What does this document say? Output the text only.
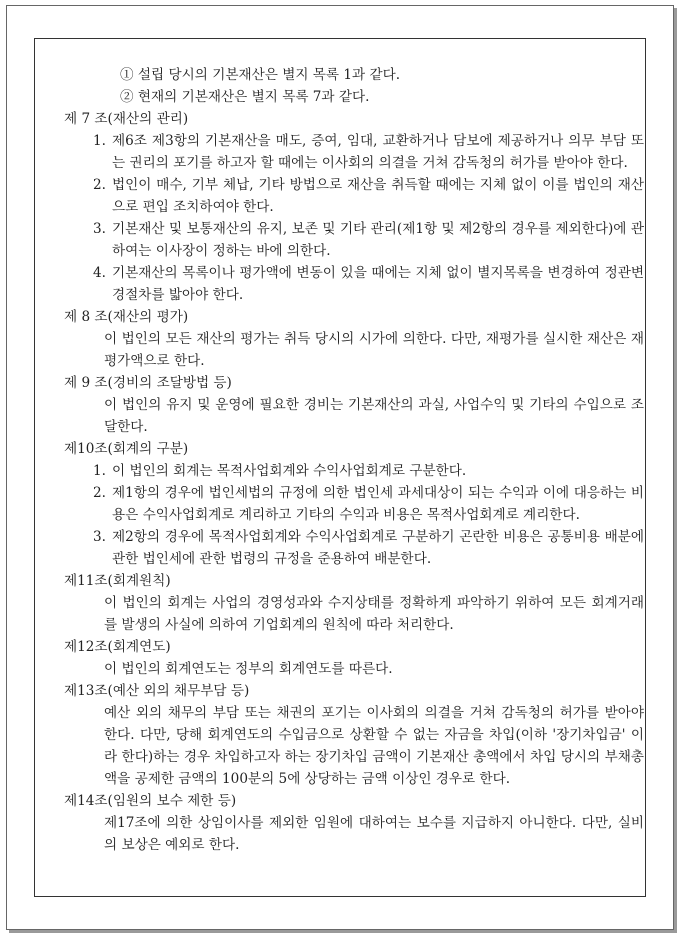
① 설립 당시의 기본재산은 별지 목록 1과 같다.
② 현재의 기본재산은 별지 목록 7과 같다.
제 7 조(재산의 관리)
1. 제6조 제3항의 기본재산을 매도, 증여, 임대, 교환하거나 담보에 제공하거나 의무 부담 또는 권리의 포기를 하고자 할 때에는 이사회의 의결을 거쳐 감독청의 허가를 받아야 한다.
2. 법인이 매수, 기부 체납, 기타 방법으로 재산을 취득할 때에는 지체 없이 이를 법인의 재산으로 편입 조치하여야 한다.
3. 기본재산 및 보통재산의 유지, 보존 및 기타 관리(제1항 및 제2항의 경우를 제외한다)에 관하여는 이사장이 정하는 바에 의한다.
4. 기본재산의 목록이나 평가액에 변동이 있을 때에는 지체 없이 별지목록을 변경하여 정관변경절차를 밟아야 한다.
제 8 조(재산의 평가)
이 법인의 모든 재산의 평가는 취득 당시의 시가에 의한다. 다만, 재평가를 실시한 재산은 재평가액으로 한다.
제 9 조(경비의 조달방법 등)
이 법인의 유지 및 운영에 필요한 경비는 기본재산의 과실, 사업수익 및 기타의 수입으로 조달한다.
제10조(회계의 구분)
1. 이 법인의 회계는 목적사업회계와 수익사업회계로 구분한다.
2. 제1항의 경우에 법인세법의 규정에 의한 법인세 과세대상이 되는 수익과 이에 대응하는 비용은 수익사업회계로 계리하고 기타의 수익과 비용은 목적사업회계로 계리한다.
3. 제2항의 경우에 목적사업회계와 수익사업회계로 구분하기 곤란한 비용은 공통비용 배분에 관한 법인세에 관한 법령의 규정을 준용하여 배분한다.
제11조(회계원칙)
이 법인의 회계는 사업의 경영성과와 수지상태를 정확하게 파악하기 위하여 모든 회계거래를 발생의 사실에 의하여 기업회계의 원칙에 따라 처리한다.
제12조(회계연도)
이 법인의 회계연도는 정부의 회계연도를 따른다.
제13조(예산 외의 채무부담 등)
예산 외의 채무의 부담 또는 채권의 포기는 이사회의 의결을 거쳐 감독청의 허가를 받아야 한다. 다만, 당해 회계연도의 수입금으로 상환할 수 없는 자금을 차입(이하 '장기차입금' 이라 한다)하는 경우 차입하고자 하는 장기차입 금액이 기본재산 총액에서 차입 당시의 부채총액을 공제한 금액의 100분의 5에 상당하는 금액 이상인 경우로 한다.
제14조(임원의 보수 제한 등)
제17조에 의한 상임이사를 제외한 임원에 대하여는 보수를 지급하지 아니한다. 다만, 실비의 보상은 예외로 한다.
